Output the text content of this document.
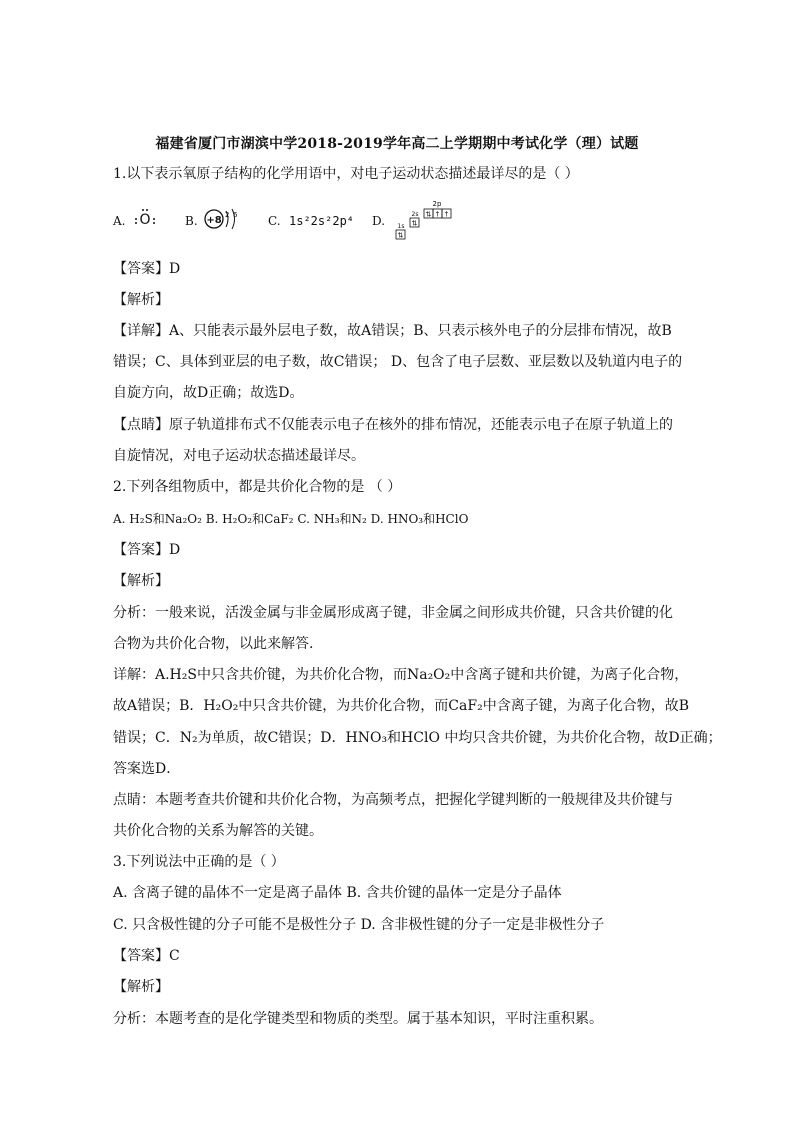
福建省厦门市湖滨中学2018-2019学年高二上学期期中考试化学（理）试题
1.以下表示氧原子结构的化学用语中，对电子运动状态描述最详尽的是（ ）
A. O	B. +8 2 6	C. 1s²2s²2p⁴ D.
2p
2s
1s
⇅
⇅
⇅ ↑ ↑
【答案】D
【解析】
【详解】A、只能表示最外层电子数，故A错误；B、只表示核外电子的分层排布情况，故B
错误；C、具体到亚层的电子数，故C错误； D、包含了电子层数、亚层数以及轨道内电子的
自旋方向，故D正确；故选D。
【点睛】原子轨道排布式不仅能表示电子在核外的排布情况，还能表示电子在原子轨道上的
自旋情况，对电子运动状态描述最详尽。
2.下列各组物质中，都是共价化合物的是 （ ）
A. H₂S和Na₂O₂ B. H₂O₂和CaF₂ C. NH₃和N₂ D. HNO₃和HClO
【答案】D
【解析】
分析：一般来说，活泼金属与非金属形成离子键，非金属之间形成共价键，只含共价键的化
合物为共价化合物，以此来解答.
详解：A.H₂S中只含共价键，为共价化合物，而Na₂O₂中含离子键和共价键，为离子化合物，
故A错误；B．H₂O₂中只含共价键，为共价化合物，而CaF₂中含离子键，为离子化合物，故B
错误；C．N₂为单质，故C错误；D．HNO₃和HClO 中均只含共价键，为共价化合物，故D正确；
答案选D．
点睛：本题考查共价键和共价化合物，为高频考点，把握化学键判断的一般规律及共价键与
共价化合物的关系为解答的关键。
3.下列说法中正确的是（ ）
A. 含离子键的晶体不一定是离子晶体 B. 含共价键的晶体一定是分子晶体
C. 只含极性键的分子可能不是极性分子 D. 含非极性键的分子一定是非极性分子
【答案】C
【解析】
分析：本题考查的是化学键类型和物质的类型。属于基本知识，平时注重积累。
